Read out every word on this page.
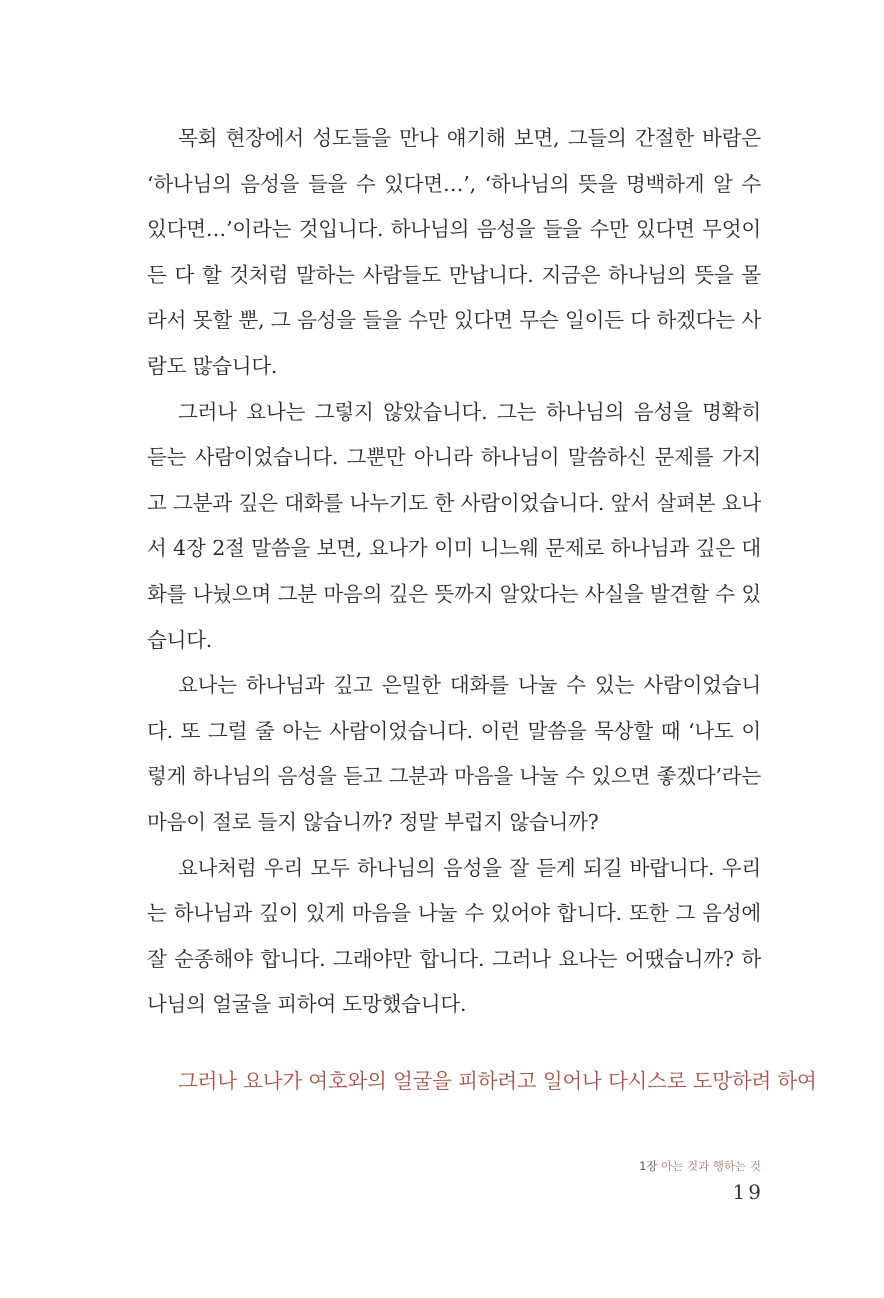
목회 현장에서 성도들을 만나 얘기해 보면, 그들의 간절한 바람은 ‘하나님의 음성을 들을 수 있다면…’, ‘하나님의 뜻을 명백하게 알 수 있다면…’이라는 것입니다. 하나님의 음성을 들을 수만 있다면 무엇이든 다 할 것처럼 말하는 사람들도 만납니다. 지금은 하나님의 뜻을 몰라서 못할 뿐, 그 음성을 들을 수만 있다면 무슨 일이든 다 하겠다는 사람도 많습니다.

그러나 요나는 그렇지 않았습니다. 그는 하나님의 음성을 명확히 듣는 사람이었습니다. 그뿐만 아니라 하나님이 말씀하신 문제를 가지고 그분과 깊은 대화를 나누기도 한 사람이었습니다. 앞서 살펴본 요나서 4장 2절 말씀을 보면, 요나가 이미 니느웨 문제로 하나님과 깊은 대화를 나눴으며 그분 마음의 깊은 뜻까지 알았다는 사실을 발견할 수 있습니다.

요나는 하나님과 깊고 은밀한 대화를 나눌 수 있는 사람이었습니다. 또 그럴 줄 아는 사람이었습니다. 이런 말씀을 묵상할 때 ‘나도 이렇게 하나님의 음성을 듣고 그분과 마음을 나눌 수 있으면 좋겠다’라는 마음이 절로 들지 않습니까? 정말 부럽지 않습니까?

요나처럼 우리 모두 하나님의 음성을 잘 듣게 되길 바랍니다. 우리는 하나님과 깊이 있게 마음을 나눌 수 있어야 합니다. 또한 그 음성에 잘 순종해야 합니다. 그래야만 합니다. 그러나 요나는 어땠습니까? 하나님의 얼굴을 피하여 도망했습니다.

그러나 요나가 여호와의 얼굴을 피하려고 일어나 다시스로 도망하려 하여

1장 아는 것과 행하는 것
19
